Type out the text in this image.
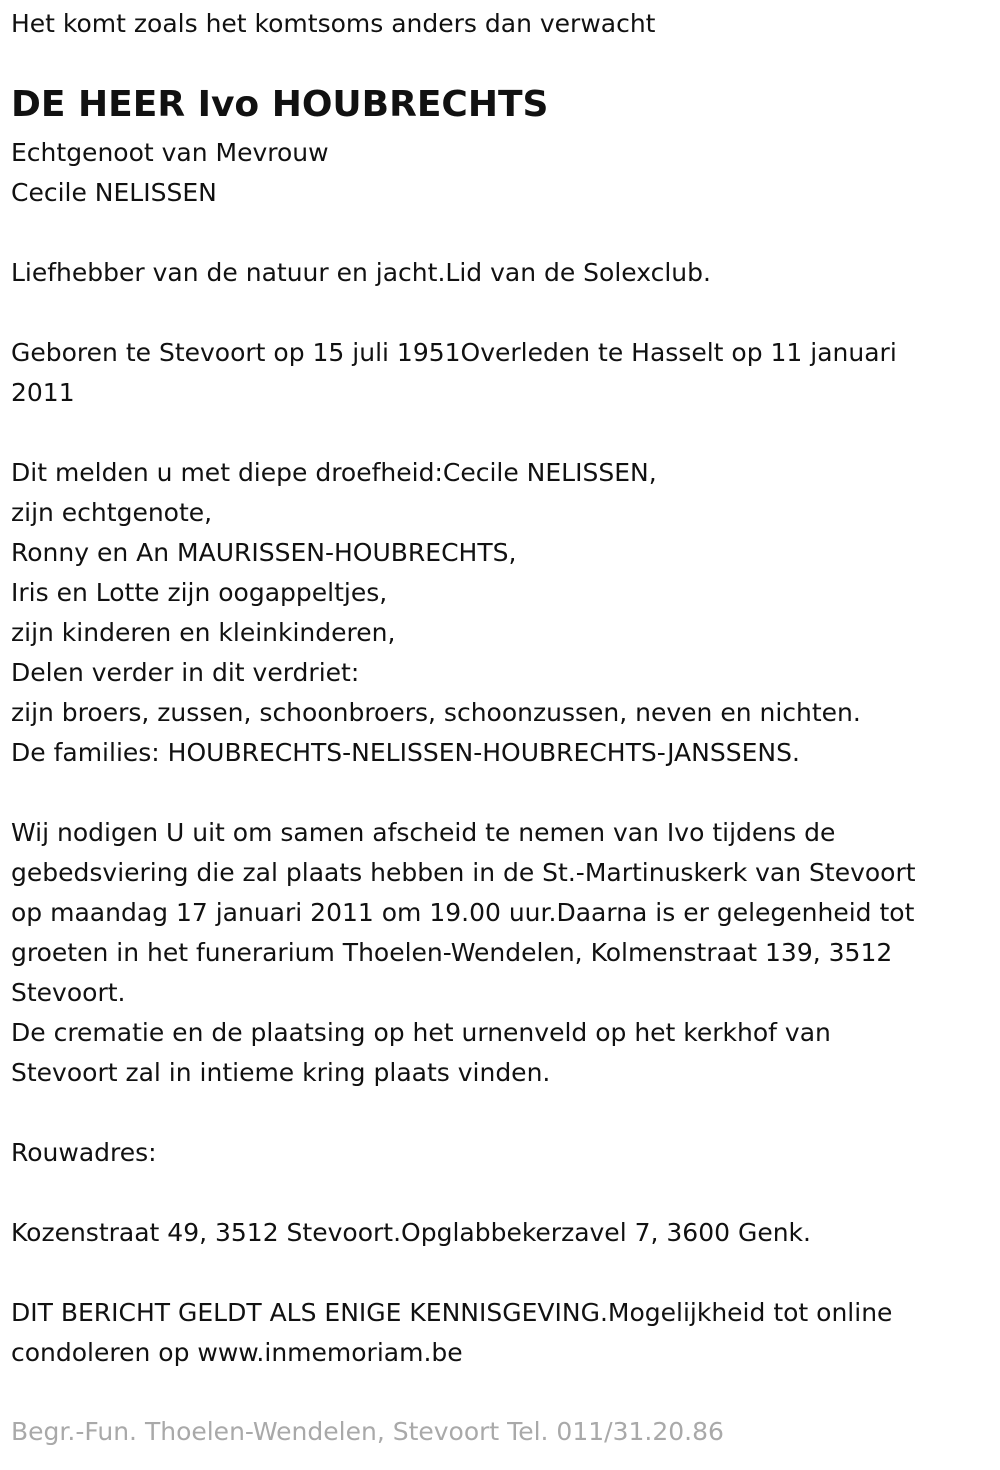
Het komt zoals het komtsoms anders dan verwacht
DE HEER Ivo HOUBRECHTS
Echtgenoot van Mevrouw
Cecile NELISSEN
Liefhebber van de natuur en jacht.Lid van de Solexclub.
Geboren te Stevoort op 15 juli 1951Overleden te Hasselt op 11 januari
2011
Dit melden u met diepe droefheid:Cecile NELISSEN,
zijn echtgenote,
Ronny en An MAURISSEN-HOUBRECHTS,
Iris en Lotte zijn oogappeltjes,
zijn kinderen en kleinkinderen,
Delen verder in dit verdriet:
zijn broers, zussen, schoonbroers, schoonzussen, neven en nichten.
De families: HOUBRECHTS-NELISSEN-HOUBRECHTS-JANSSENS.
Wij nodigen U uit om samen afscheid te nemen van Ivo tijdens de
gebedsviering die zal plaats hebben in de St.-Martinuskerk van Stevoort
op maandag 17 januari 2011 om 19.00 uur.Daarna is er gelegenheid tot
groeten in het funerarium Thoelen-Wendelen, Kolmenstraat 139, 3512
Stevoort.
De crematie en de plaatsing op het urnenveld op het kerkhof van
Stevoort zal in intieme kring plaats vinden.
Rouwadres:
Kozenstraat 49, 3512 Stevoort.Opglabbekerzavel 7, 3600 Genk.
DIT BERICHT GELDT ALS ENIGE KENNISGEVING.Mogelijkheid tot online
condoleren op www.inmemoriam.be
Begr.-Fun. Thoelen-Wendelen, Stevoort Tel. 011/31.20.86
